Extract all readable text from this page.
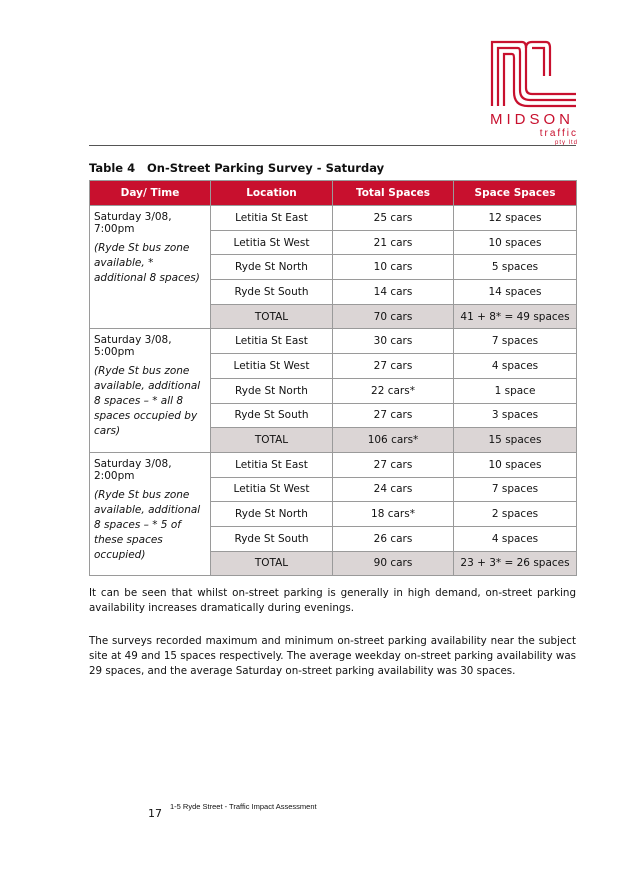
MIDSON
traffic
pty ltd
Table 4 On-Street Parking Survey - Saturday
Day/ Time	Location	Total Spaces	Space Spaces

Saturday 3/08, 7:00pm
(Ryde St bus zone available, * additional 8 spaces)	Letitia St East	25 cars	12 spaces
	Letitia St West	21 cars	10 spaces
	Ryde St North	10 cars	5 spaces
	Ryde St South	14 cars	14 spaces
	TOTAL	70 cars	41 + 8* = 49 spaces

Saturday 3/08, 5:00pm
(Ryde St bus zone available, additional 8 spaces – * all 8 spaces occupied by cars)	Letitia St East	30 cars	7 spaces
	Letitia St West	27 cars	4 spaces
	Ryde St North	22 cars*	1 space
	Ryde St South	27 cars	3 spaces
	TOTAL	106 cars*	15 spaces

Saturday 3/08, 2:00pm
(Ryde St bus zone available, additional 8 spaces – * 5 of these spaces occupied)	Letitia St East	27 cars	10 spaces
	Letitia St West	24 cars	7 spaces
	Ryde St North	18 cars*	2 spaces
	Ryde St South	26 cars	4 spaces
	TOTAL	90 cars	23 + 3* = 26 spaces

It can be seen that whilst on-street parking is generally in high demand, on-street parking availability increases dramatically during evenings.

The surveys recorded maximum and minimum on-street parking availability near the subject site at 49 and 15 spaces respectively. The average weekday on-street parking availability was 29 spaces, and the average Saturday on-street parking availability was 30 spaces.

17
1-5 Ryde Street - Traffic Impact Assessment
